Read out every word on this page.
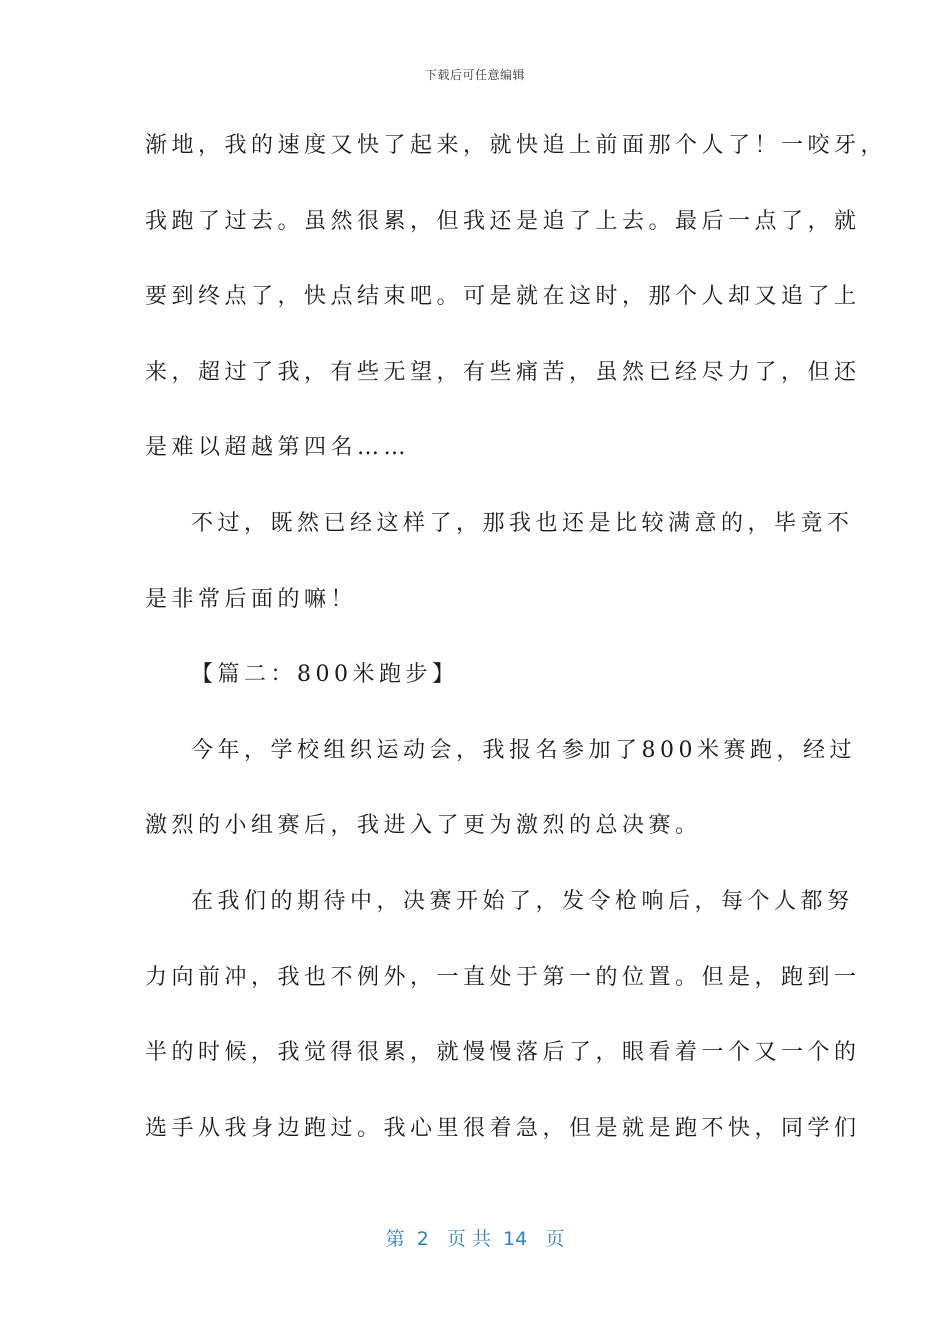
下载后可任意编辑
渐地，我的速度又快了起来，就快追上前面那个人了！一咬牙，
我跑了过去。虽然很累，但我还是追了上去。最后一点了，就
要到终点了，快点结束吧。可是就在这时，那个人却又追了上
来，超过了我，有些无望，有些痛苦，虽然已经尽力了，但还
是难以超越第四名……
不过，既然已经这样了，那我也还是比较满意的，毕竟不
是非常后面的嘛！
【篇二：800米跑步】
今年，学校组织运动会，我报名参加了800米赛跑，经过
激烈的小组赛后，我进入了更为激烈的总决赛。
在我们的期待中，决赛开始了，发令枪响后，每个人都努
力向前冲，我也不例外，一直处于第一的位置。但是，跑到一
半的时候，我觉得很累，就慢慢落后了，眼看着一个又一个的
选手从我身边跑过。我心里很着急，但是就是跑不快，同学们
第  2   页 共  14   页
